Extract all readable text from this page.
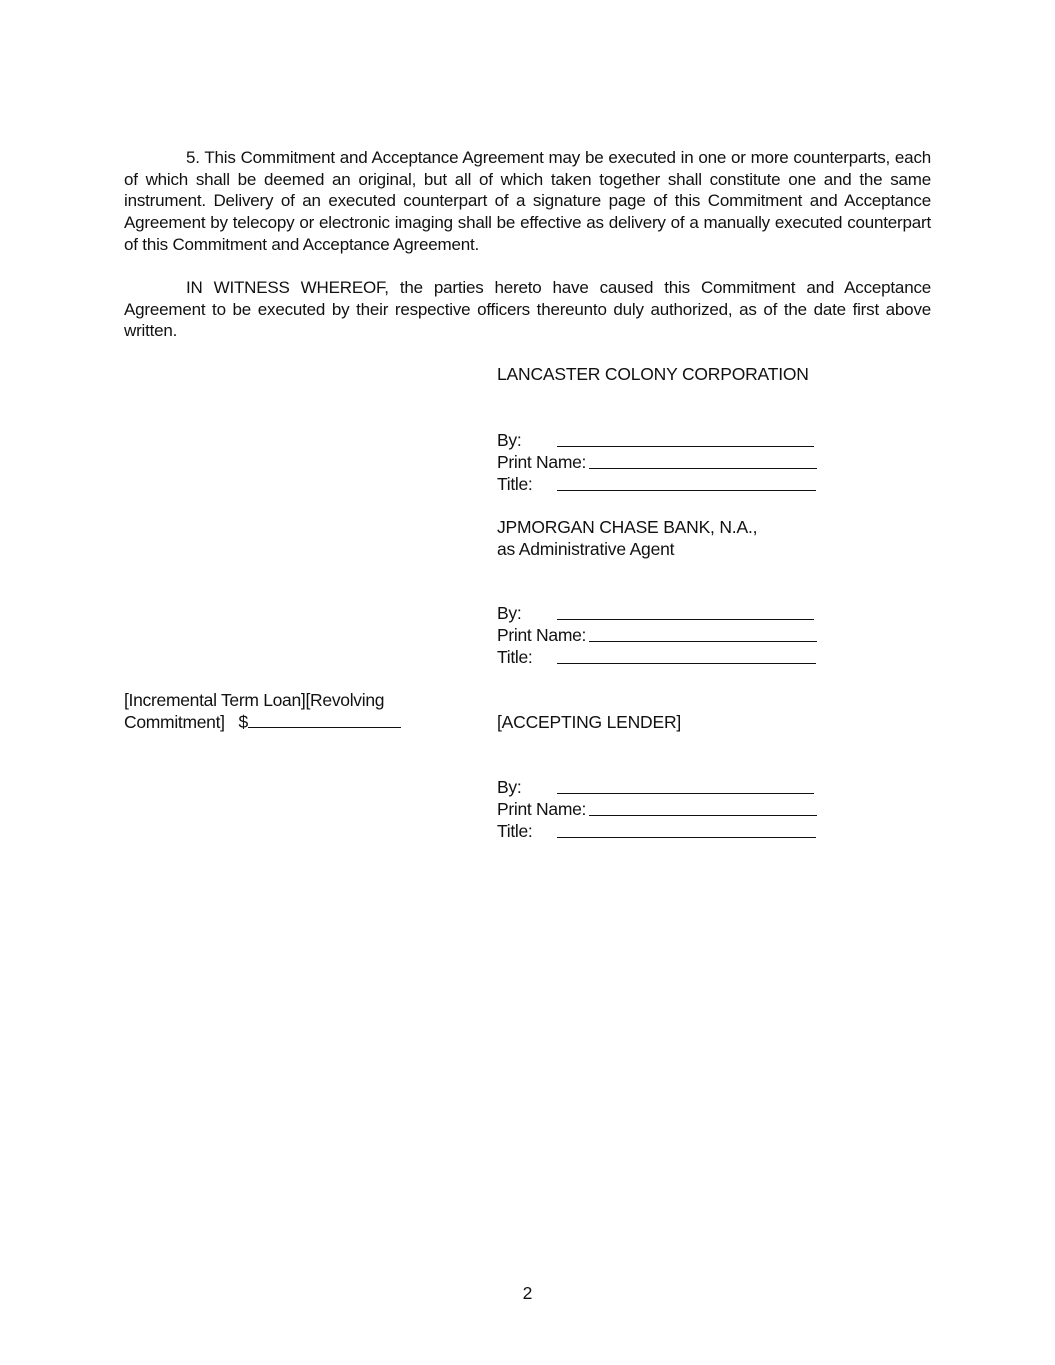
5. This Commitment and Acceptance Agreement may be executed in one or more counterparts, each of which shall be deemed an original, but all of which taken together shall constitute one and the same instrument. Delivery of an executed counterpart of a signature page of this Commitment and Acceptance Agreement by telecopy or electronic imaging shall be effective as delivery of a manually executed counterpart of this Commitment and Acceptance Agreement.

IN WITNESS WHEREOF, the parties hereto have caused this Commitment and Acceptance Agreement to be executed by their respective officers thereunto duly authorized, as of the date first above written.

LANCASTER COLONY CORPORATION
By:
Print Name:
Title:
JPMORGAN CHASE BANK, N.A.,
as Administrative Agent
By:
Print Name:
Title:
[Incremental Term Loan][Revolving
Commitment] $	[ACCEPTING LENDER]
By:
Print Name:
Title:
2
